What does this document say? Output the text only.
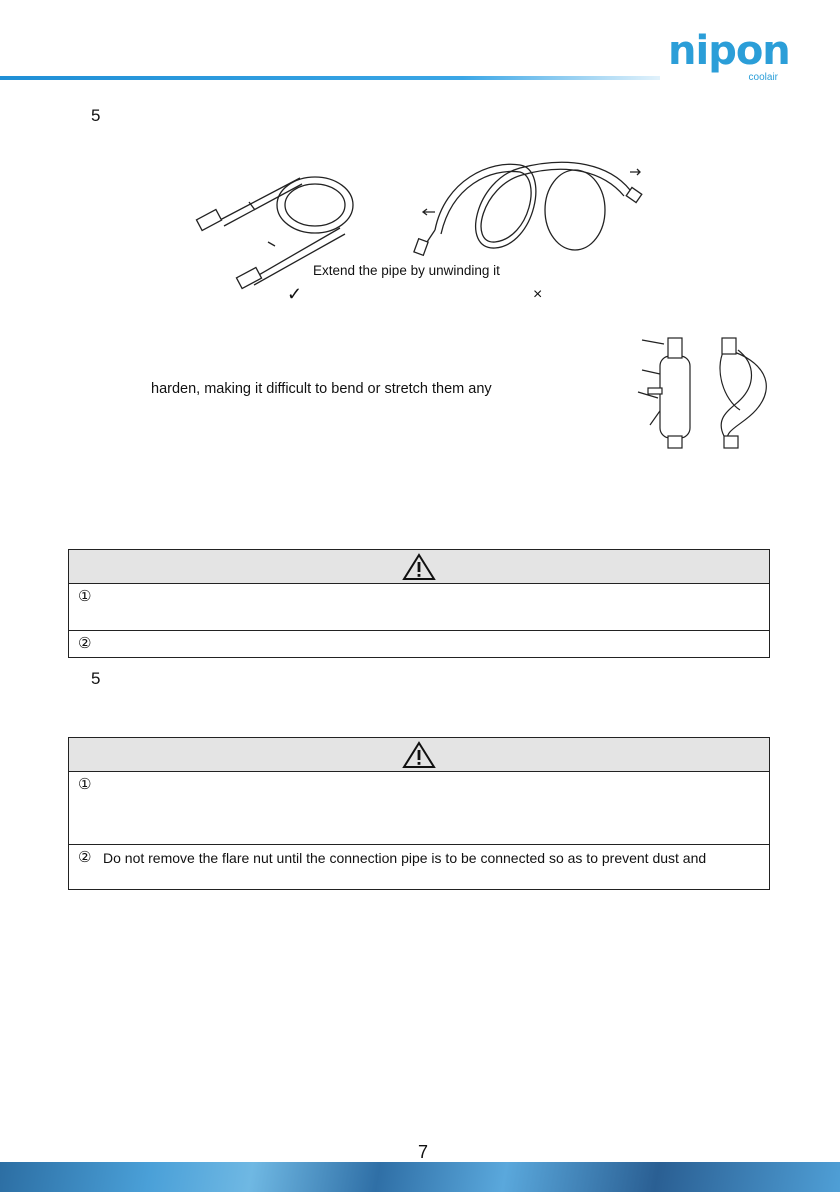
nipon
coolair
5
Extend the pipe by unwinding it
✓	×
harden, making it difficult to bend or stretch them any
①
②
5
①
② Do not remove the flare nut until the connection pipe is to be connected so as to prevent dust and
7
